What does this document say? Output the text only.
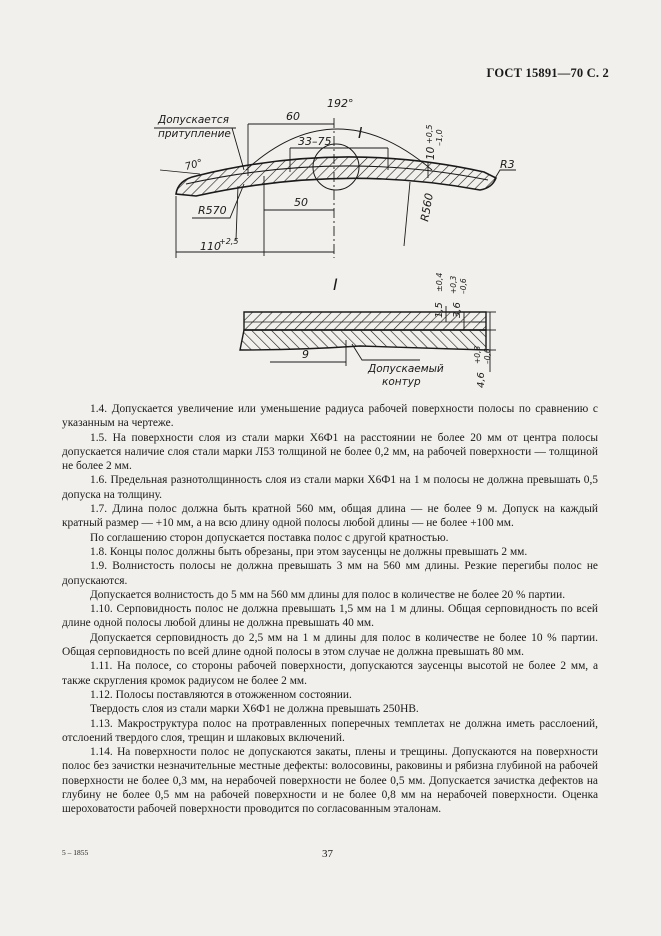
ГОСТ 15891—70 С. 2
Допускается
притупление
192°
60
33–75 I
70°
+0,5
10
–1,0
R3
R570
50	R560
110
+2,5
I
1,5
±0,4
3,6
+0,3 –0,6
4,6
+0,3 –0,6
9
Допускаемый
контур

1.4. Допускается увеличение или уменьшение радиуса рабочей поверхности полосы по сравнению с указанным на чертеже.

1.5. На поверхности слоя из стали марки Х6Ф1 на расстоянии не более 20 мм от центра полосы допускается наличие слоя стали марки Л53 толщиной не более 0,2 мм, на рабочей поверхности — толщиной не более 2 мм.

1.6. Предельная разнотолщинность слоя из стали марки Х6Ф1 на 1 м полосы не должна превышать 0,5 допуска на толщину.

1.7. Длина полос должна быть кратной 560 мм, общая длина — не более 9 м. Допуск на каждый кратный размер — +10 мм, а на всю длину одной полосы любой длины — не более +100 мм.

По соглашению сторон допускается поставка полос с другой кратностью.

1.8. Концы полос должны быть обрезаны, при этом заусенцы не должны превышать 2 мм.

1.9. Волнистость полосы не должна превышать 3 мм на 560 мм длины. Резкие перегибы полос не допускаются.

Допускается волнистость до 5 мм на 560 мм длины для полос в количестве не более 20 % партии.

1.10. Серповидность полос не должна превышать 1,5 мм на 1 м длины. Общая серповидность по всей длине одной полосы любой длины не должна превышать 40 мм.

Допускается серповидность до 2,5 мм на 1 м длины для полос в количестве не более 10 % партии. Общая серповидность по всей длине одной полосы в этом случае не должна превышать 80 мм.

1.11. На полосе, со стороны рабочей поверхности, допускаются заусенцы высотой не более 2 мм, а также скругления кромок радиусом не более 2 мм.

1.12. Полосы поставляются в отожженном состоянии.

Твердость слоя из стали марки Х6Ф1 не должна превышать 250НВ.

1.13. Макроструктура полос на протравленных поперечных темплетах не должна иметь расслоений, отслоений твердого слоя, трещин и шлаковых включений.

1.14. На поверхности полос не допускаются закаты, плены и трещины. Допускаются на поверхности полос без зачистки незначительные местные дефекты: волосовины, раковины и рябизна глубиной на рабочей поверхности не более 0,3 мм, на нерабочей поверхности не более 0,5 мм. Допускается зачистка дефектов на глубину не более 0,5 мм на рабочей поверхности и не более 0,8 мм на нерабочей поверхности. Оценка шероховатости рабочей поверхности проводится по согласованным эталонам.

5 – 1855	37
